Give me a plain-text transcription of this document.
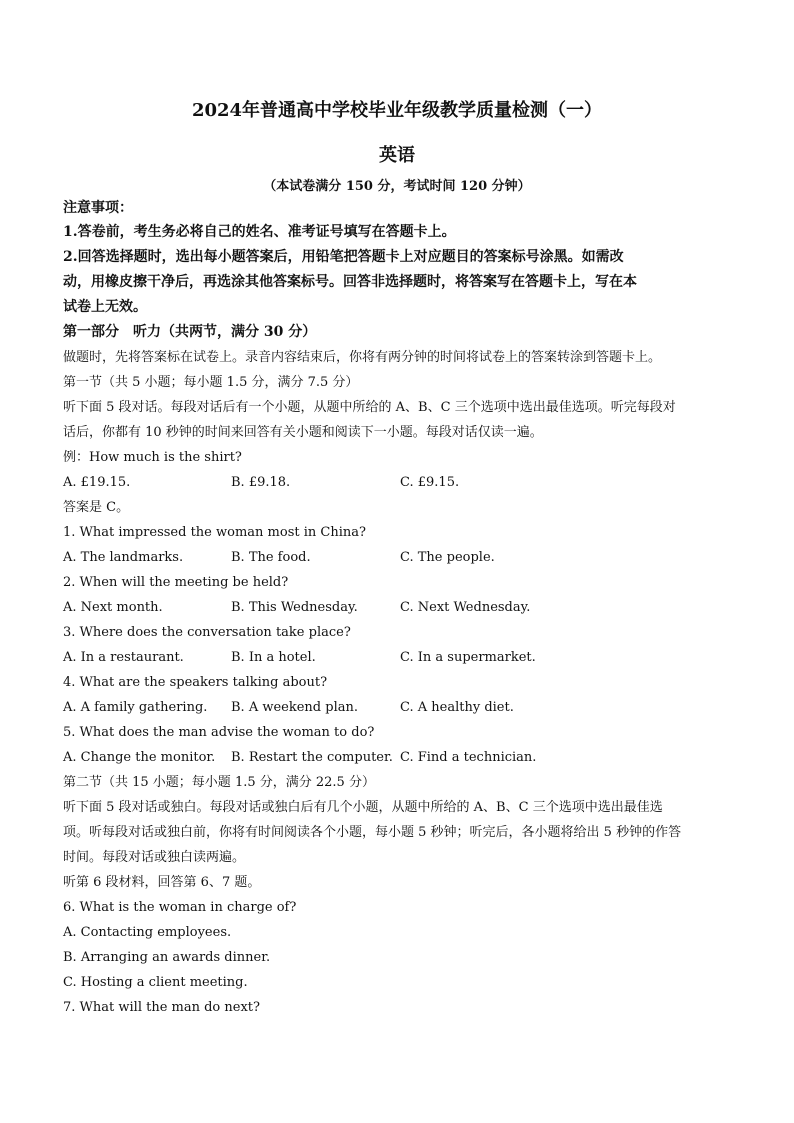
2024年普通高中学校毕业年级教学质量检测（一）
英语
（本试卷满分 150 分，考试时间 120 分钟）
注意事项：
1.答卷前，考生务必将自己的姓名、准考证号填写在答题卡上。
2.回答选择题时，选出每小题答案后，用铅笔把答题卡上对应题目的答案标号涂黑。如需改
动，用橡皮擦干净后，再选涂其他答案标号。回答非选择题时，将答案写在答题卡上，写在本
试卷上无效。
第一部分　听力（共两节，满分 30 分）
做题时，先将答案标在试卷上。录音内容结束后，你将有两分钟的时间将试卷上的答案转涂到答题卡上。
第一节（共 5 小题；每小题 1.5 分，满分 7.5 分）
听下面 5 段对话。每段对话后有一个小题，从题中所给的 A、B、C 三个选项中选出最佳选项。听完每段对
话后，你都有 10 秒钟的时间来回答有关小题和阅读下一小题。每段对话仅读一遍。
例：How much is the shirt?
A. £19.15.	B. £9.18.	C. £9.15.
答案是 C。
1. What impressed the woman most in China?
A. The landmarks.	B. The food.	C. The people.
2. When will the meeting be held?
A. Next month.	B. This Wednesday.	C. Next Wednesday.
3. Where does the conversation take place?
A. In a restaurant.	B. In a hotel.	C. In a supermarket.
4. What are the speakers talking about?
A. A family gathering. B. A weekend plan.	C. A healthy diet.
5. What does the man advise the woman to do?
A. Change the monitor. B. Restart the computer. C. Find a technician.
第二节（共 15 小题；每小题 1.5 分，满分 22.5 分）
听下面 5 段对话或独白。每段对话或独白后有几个小题，从题中所给的 A、B、C 三个选项中选出最佳选
项。听每段对话或独白前，你将有时间阅读各个小题，每小题 5 秒钟；听完后，各小题将给出 5 秒钟的作答
时间。每段对话或独白读两遍。
听第 6 段材料，回答第 6、7 题。
6. What is the woman in charge of?
A. Contacting employees.
B. Arranging an awards dinner.
C. Hosting a client meeting.
7. What will the man do next?
